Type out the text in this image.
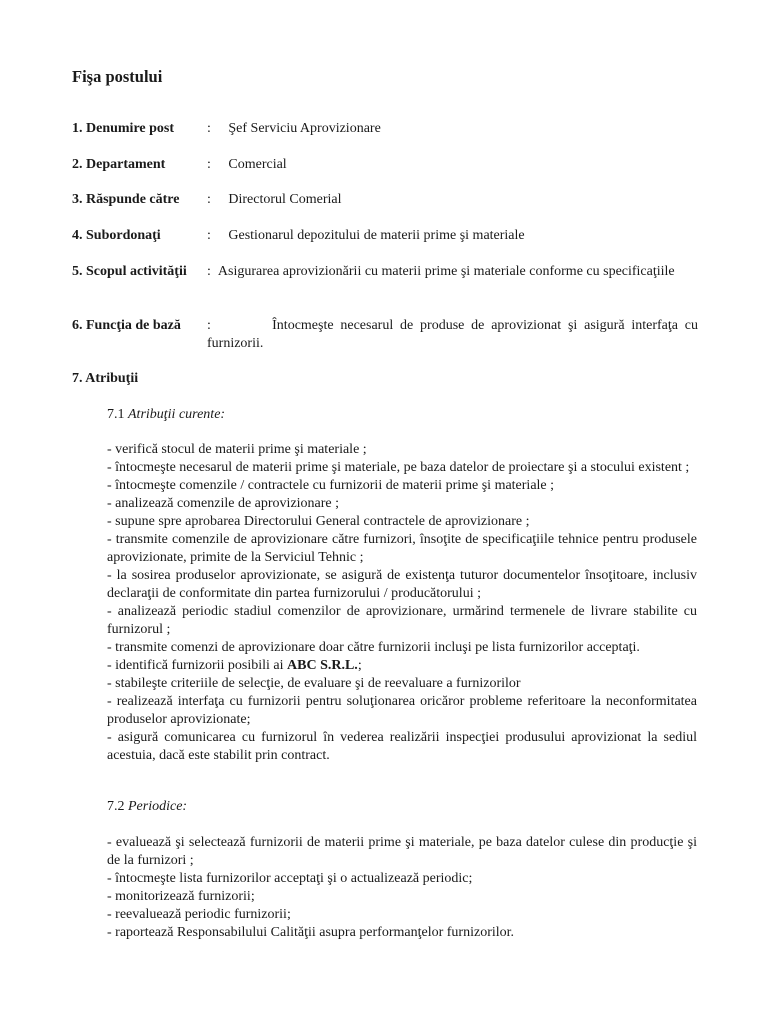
Fişa postului
1. Denumire post : Şef Serviciu Aprovizionare
2. Departament	: Comercial
3. Răspunde către : Directorul Comerial
4. Subordonaţi	: Gestionarul depozitului de materii prime şi materiale
5. Scopul activităţii : Asigurarea aprovizionării cu materii prime şi materiale conforme cu specificaţiile
6. Funcţia de bază :	Întocmeşte necesarul de produse de aprovizionat şi asigură interfaţa cu furnizorii.
7. Atribuţii
7.1 Atribuţii curente:
- verifică stocul de materii prime şi materiale ;
- întocmeşte necesarul de materii prime şi materiale, pe baza datelor de proiectare şi a stocului existent ;
- întocmeşte comenzile / contractele cu furnizorii de materii prime şi materiale ;
- analizează comenzile de aprovizionare ;
- supune spre aprobarea Directorului General contractele de aprovizionare ;
- transmite comenzile de aprovizionare către furnizori, însoţite de specificaţiile tehnice pentru produsele aprovizionate, primite de la Serviciul Tehnic ;
- la sosirea produselor aprovizionate, se asigură de existenţa tuturor documentelor însoţitoare, inclusiv declaraţii de conformitate din partea furnizorului / producătorului ;
- analizează periodic stadiul comenzilor de aprovizionare, urmărind termenele de livrare stabilite cu furnizorul ;
- transmite comenzi de aprovizionare doar către furnizorii incluşi pe lista furnizorilor acceptaţi.
- identifică furnizorii posibili ai ABC S.R.L.;
- stabileşte criteriile de selecţie, de evaluare şi de reevaluare a furnizorilor
- realizează interfaţa cu furnizorii pentru soluţionarea oricăror probleme referitoare la neconformitatea produselor aprovizionate;
- asigură comunicarea cu furnizorul în vederea realizării inspecţiei produsului aprovizionat la sediul acestuia, dacă este stabilit prin contract.
7.2 Periodice:
- evaluează şi selectează furnizorii de materii prime şi materiale, pe baza datelor culese din producţie şi de la furnizori ;
- întocmeşte lista furnizorilor acceptaţi şi o actualizează periodic;
- monitorizează furnizorii;
- reevaluează periodic furnizorii;
- raportează Responsabilului Calităţii asupra performanţelor furnizorilor.
